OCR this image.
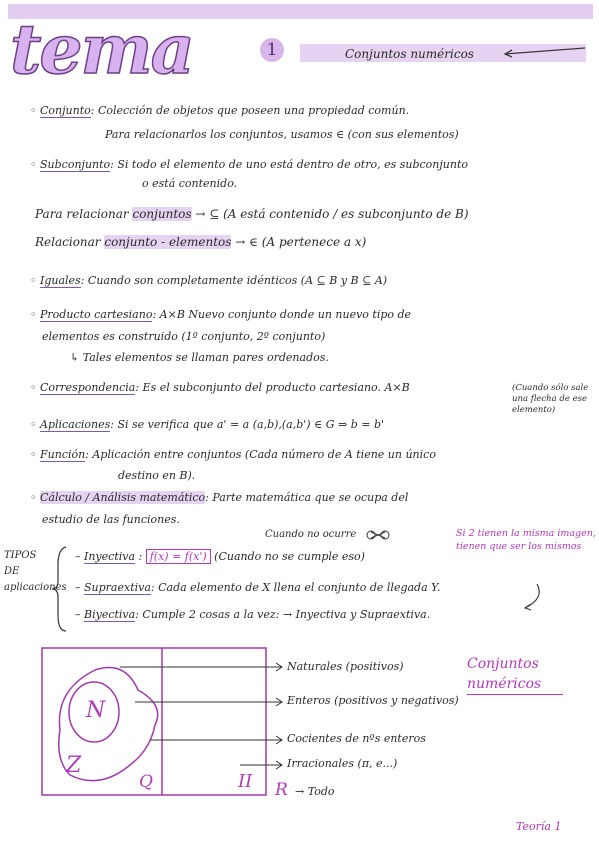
tema	1	Conjuntos numéricos
◦ Conjunto: Colección de objetos que poseen una propiedad común.
Para relacionarlos los conjuntos, usamos ∈ (con sus elementos)
◦ Subconjunto: Si todo el elemento de uno está dentro de otro, es subconjunto
o está contenido.
Para relacionar conjuntos → ⊆ (A está contenido / es subconjunto de B)
Relacionar conjunto - elementos → ∈ (A pertenece a x)
◦ Iguales: Cuando son completamente idénticos (A ⊆ B y B ⊆ A)
◦ Producto cartesiano: A×B Nuevo conjunto donde un nuevo tipo de
elementos es construido (1º conjunto, 2º conjunto)
↳ Tales elementos se llaman pares ordenados.
◦ Correspondencia: Es el subconjunto del producto cartesiano. A×B	(Cuando sólo sale una flecha de ese elemento)
◦ Aplicaciones: Si se verifica que a' = a (a,b),(a,b') ∈ G ⇒ b = b'
◦ Función: Aplicación entre conjuntos (Cada número de A tiene un único
destino en B).
◦ Cálculo / Análisis matemático: Parte matemática que se ocupa del
estudio de las funciones.
Cuando no ocurre
TIPOS DE aplicaciones
– Inyectiva : f(x) = f(x') (Cuando no se cumple eso)
Si 2 tienen la misma imagen, tienen que ser los mismos
– Supraextiva: Cada elemento de X llena el conjunto de llegada Y.
– Biyectiva: Cumple 2 cosas a la vez: → Inyectiva y Supraextiva.
N
Z
Q	II R
Naturales (positivos)
Enteros (positivos y negativos)
Cocientes de nºs enteros
Irracionales (π, e...)
→ Todo
Conjuntos numéricos
Teoría 1
